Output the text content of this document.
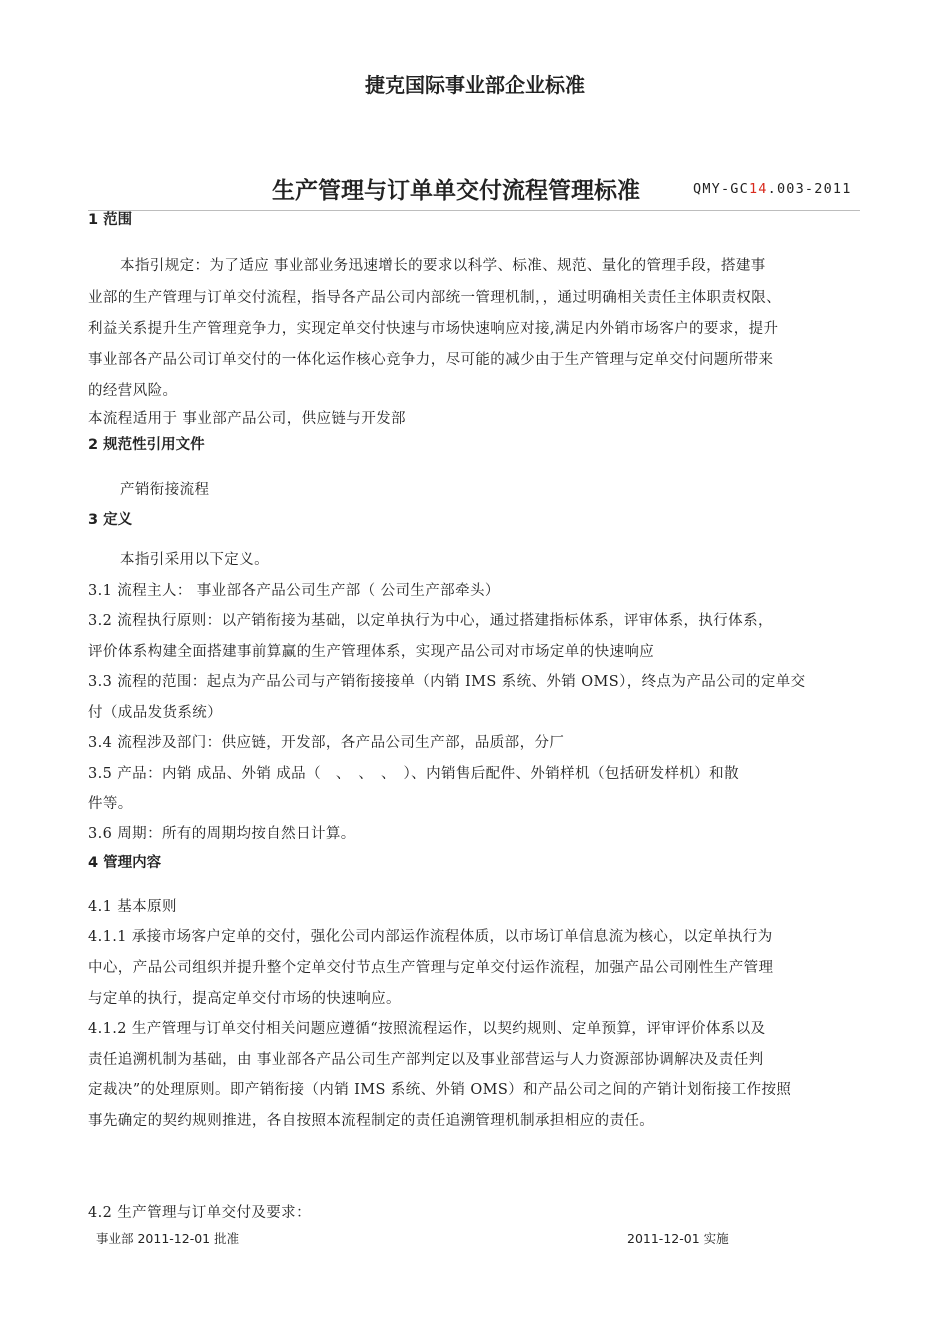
捷克国际事业部企业标准
生产管理与订单单交付流程管理标准	QMY-GC14.003-2011
1 范围
本指引规定：为了适应 事业部业务迅速增长的要求以科学、标准、规范、量化的管理手段，搭建事
业部的生产管理与订单交付流程，指导各产品公司内部统一管理机制，，通过明确相关责任主体职责权限、
利益关系提升生产管理竞争力，实现定单交付快速与市场快速响应对接,满足内外销市场客户的要求，提升
事业部各产品公司订单交付的一体化运作核心竞争力，尽可能的减少由于生产管理与定单交付问题所带来
的经营风险。
本流程适用于 事业部产品公司，供应链与开发部
2 规范性引用文件
产销衔接流程
3 定义
本指引采用以下定义。
3.1 流程主人： 事业部各产品公司生产部（ 公司生产部牵头）
3.2 流程执行原则：以产销衔接为基础，以定单执行为中心，通过搭建指标体系，评审体系，执行体系，
评价体系构建全面搭建事前算赢的生产管理体系，实现产品公司对市场定单的快速响应
3.3 流程的范围：起点为产品公司与产销衔接接单（内销 IMS 系统、外销 OMS），终点为产品公司的定单交
付（成品发货系统）
3.4 流程涉及部门：供应链，开发部，各产品公司生产部，品质部，分厂
3.5 产品：内销 成品、外销 成品（　、　、　、　）、内销售后配件、外销样机（包括研发样机）和散
件等。
3.6 周期：所有的周期均按自然日计算。
4 管理内容
4.1 基本原则
4.1.1 承接市场客户定单的交付，强化公司内部运作流程体质，以市场订单信息流为核心，以定单执行为
中心，产品公司组织并提升整个定单交付节点生产管理与定单交付运作流程，加强产品公司刚性生产管理
与定单的执行，提高定单交付市场的快速响应。
4.1.2 生产管理与订单交付相关问题应遵循“按照流程运作，以契约规则、定单预算，评审评价体系以及
责任追溯机制为基础，由 事业部各产品公司生产部判定以及事业部营运与人力资源部协调解决及责任判
定裁决”的处理原则。即产销衔接（内销 IMS 系统、外销 OMS）和产品公司之间的产销计划衔接工作按照
事先确定的契约规则推进，各自按照本流程制定的责任追溯管理机制承担相应的责任。
4.2 生产管理与订单交付及要求：
事业部 2011-12-01 批准	2011-12-01 实施
